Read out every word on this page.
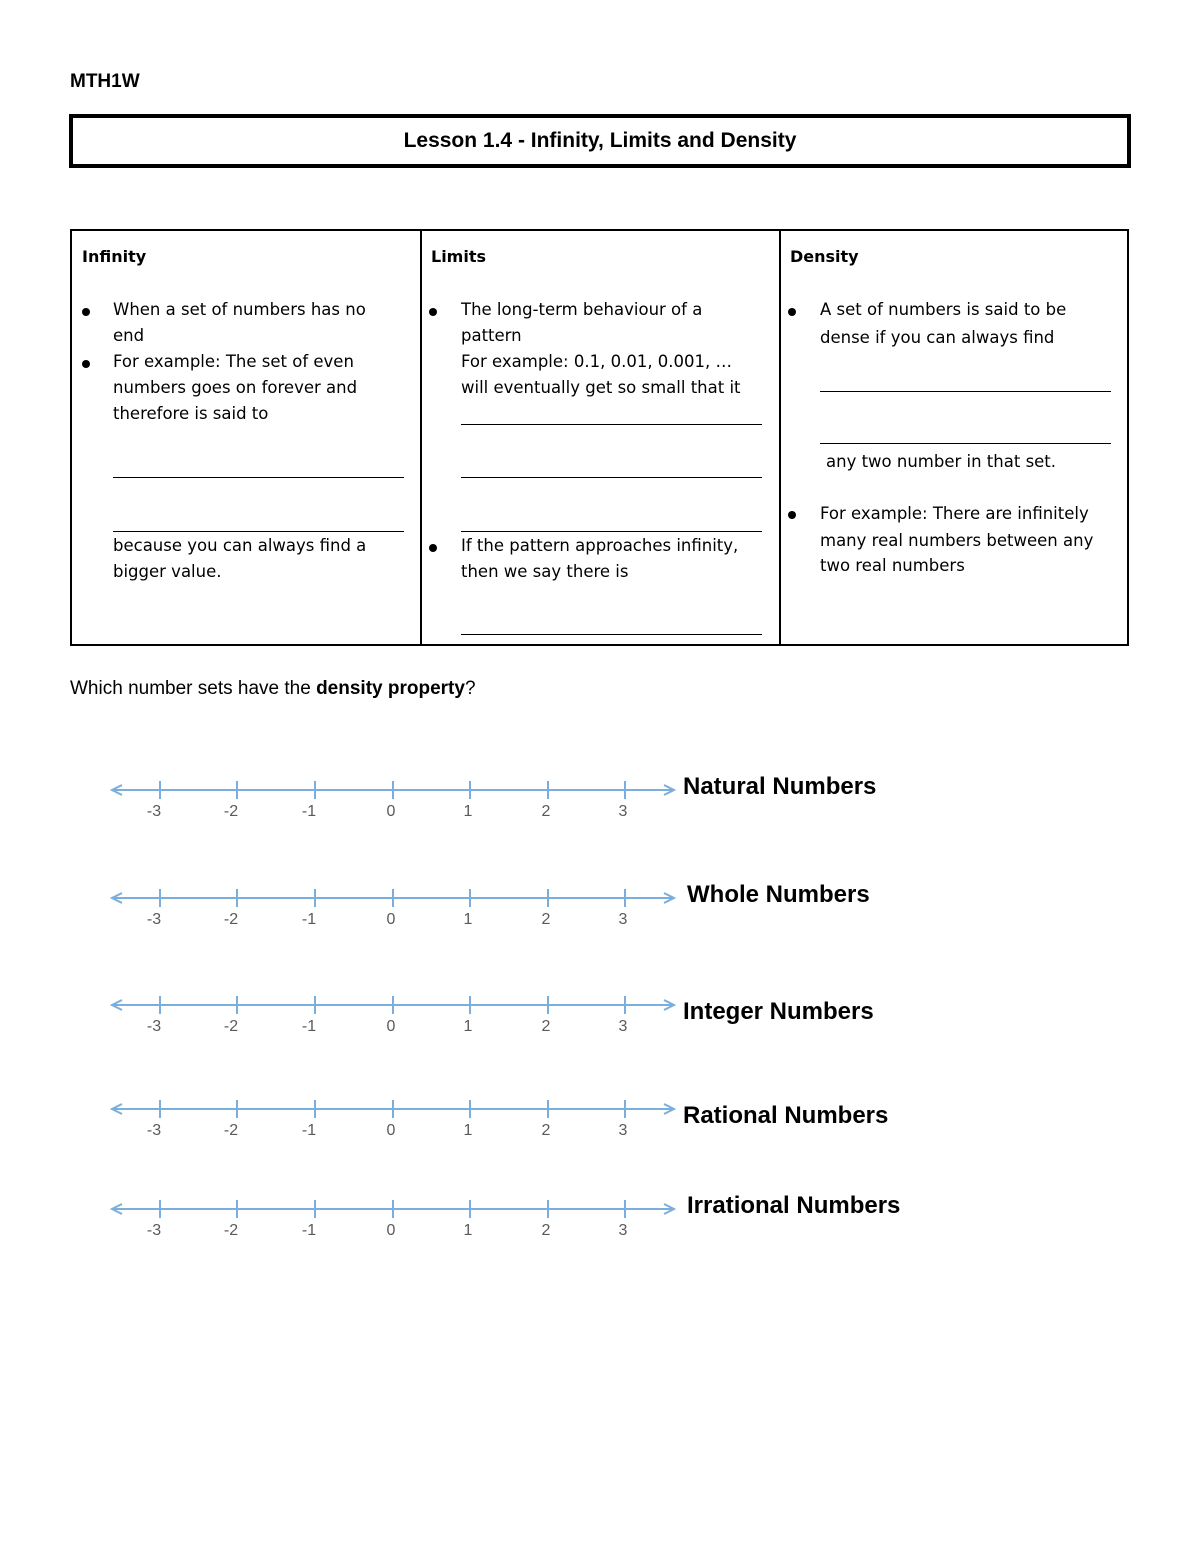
MTH1W
Lesson 1.4 - Infinity, Limits and Density
Infinity
When a set of numbers has no
end
For example: The set of even
numbers goes on forever and
therefore is said to
because you can always find a
bigger value.
Limits
The long-term behaviour of a
pattern
For example: 0.1, 0.01, 0.001, …
will eventually get so small that it
If the pattern approaches infinity,
then we say there is
Density
A set of numbers is said to be
dense if you can always find
any two number in that set.
For example: There are infinitely
many real numbers between any
two real numbers
Which number sets have the density property?
-3	-2	-1	0	1	2	3
-3	-2	-1	0	1	2	3
-3	-2	-1	0	1	2	3
-3	-2	-1	0	1	2	3
-3	-2	-1	0	1	2	3
Natural Numbers
Whole Numbers
Integer Numbers
Rational Numbers
Irrational Numbers
